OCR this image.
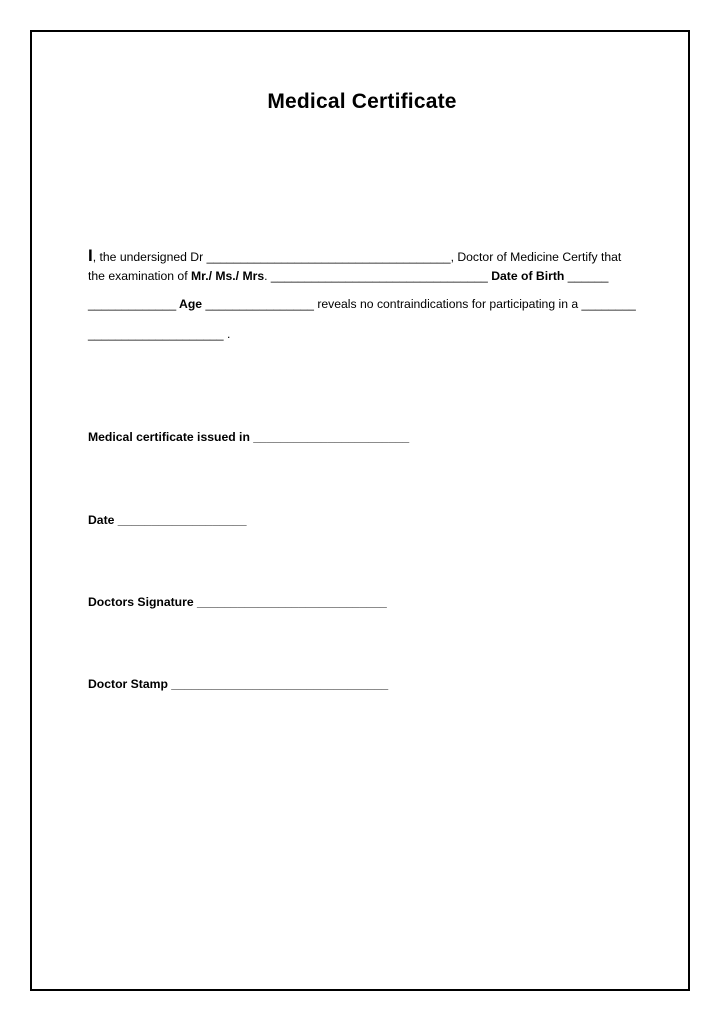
Medical Certificate
I, the undersigned Dr ____________________________________, Doctor of Medicine Certify that
the examination of Mr./ Ms./ Mrs. ________________________________ Date of Birth ______
_____________ Age ________________ reveals no contraindications for participating in a ________
____________________ .
Medical certificate issued in _______________________
Date ___________________
Doctors Signature ____________________________
Doctor Stamp ________________________________
